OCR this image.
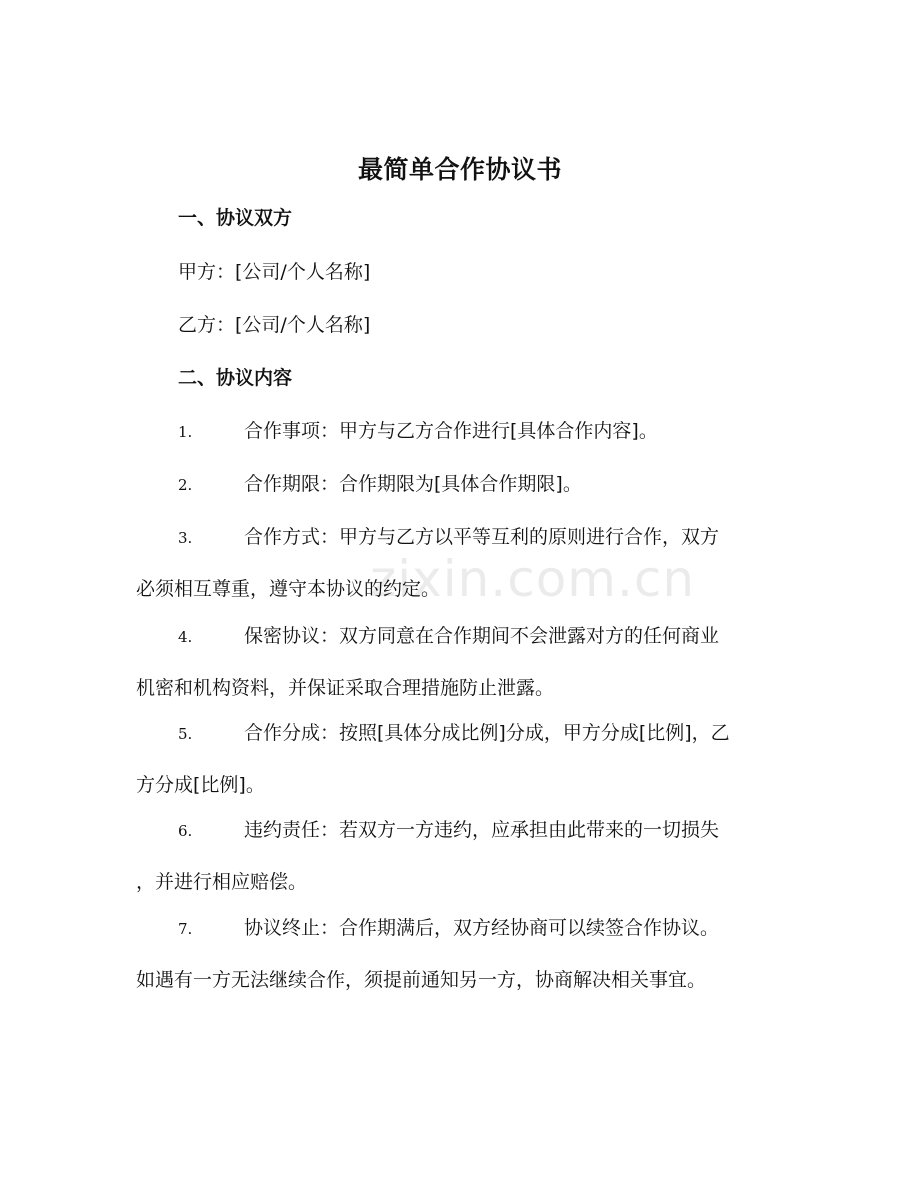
最简单合作协议书
一、协议双方
甲方：[公司/个人名称]
乙方：[公司/个人名称]
二、协议内容
1.	合作事项：甲方与乙方合作进行[具体合作内容]。
2.	合作期限：合作期限为[具体合作期限]。
3.	合作方式：甲方与乙方以平等互利的原则进行合作，双方
必须相互尊重，遵守本协议的约定。
4.	保密协议：双方同意在合作期间不会泄露对方的任何商业
机密和机构资料，并保证采取合理措施防止泄露。
5.	合作分成：按照[具体分成比例]分成，甲方分成[比例]，乙
方分成[比例]。
6.	违约责任：若双方一方违约，应承担由此带来的一切损失
，并进行相应赔偿。
7.	协议终止：合作期满后，双方经协商可以续签合作协议。
如遇有一方无法继续合作，须提前通知另一方，协商解决相关事宜。
zixin.com.cn
